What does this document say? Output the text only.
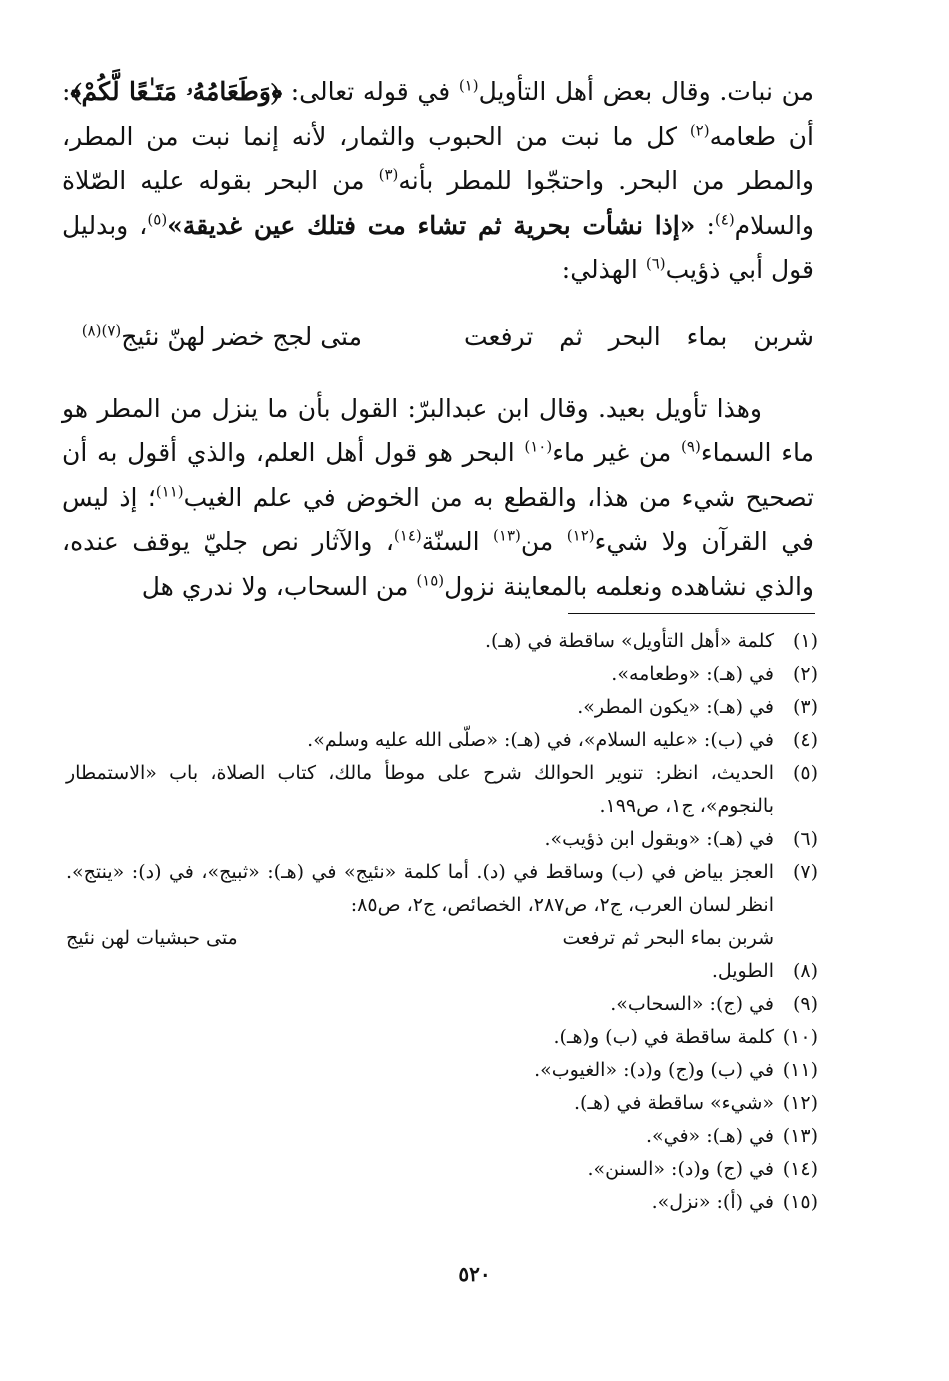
من نبات. وقال بعض أهل التأويل$^{(١)}$ في قوله تعالى: ﴿وَطَعَامُهُۥ مَتَـٰعًا لَّكُمْ﴾: أن طعامه$^{(٢)}$ كل ما نبت من الحبوب والثمار، لأنه إنما نبت من المطر، والمطر من البحر. واحتجّوا للمطر بأنه$^{(٣)}$ من البحر بقوله عليه الصّلاة والسلام$^{(٤)}$: «إذا نشأت بحرية ثم تشاء مت فتلك عين غديقة»$^{(٥)}$، وبدليل قول أبي ذؤيب$^{(٦)}$ الهذلي:

شربن بماء البحر ثم ترفعت
متى لجج خضر لهنّ نئيج$^{(٧)(٨)}$

وهذا تأويل بعيد. وقال ابن عبدالبرّ: القول بأن ما ينزل من المطر هو ماء السماء$^{(٩)}$ من غير ماء$^{(١٠)}$ البحر هو قول أهل العلم، والذي أقول به أن تصحيح شيء من هذا، والقطع به من الخوض في علم الغيب$^{(١١)}$؛ إذ ليس في القرآن ولا شيء$^{(١٢)}$ من$^{(١٣)}$ السنّة$^{(١٤)}$، والآثار نص جليّ يوقف عنده، والذي نشاهده ونعلمه بالمعاينة نزول$^{(١٥)}$ من السحاب، ولا ندري هل

(١)
كلمة «أهل التأويل» ساقطة في (هـ).
(٢)
في (هـ): «وطعامه».
(٣)
في (هـ): «يكون المطر».
(٤)
في (ب): «عليه السلام»، في (هـ): «صلّى الله عليه وسلم».
(٥)
الحديث، انظر: تنوير الحوالك شرح على موطأ مالك، كتاب الصلاة، باب «الاستمطار بالنجوم»، ج١، ص١٩٩.
(٦)
في (هـ): «وبقول ابن ذؤيب».
(٧)
العجز بياض في (ب) وساقط في (د). أما كلمة «نئيج» في (هـ): «ثبيج»، في (د): «ينتج». انظر لسان العرب، ج٢، ص٢٨٧، الخصائص، ج٢، ص٨٥:
شربن بماء البحر ثم ترفعت
متى حبشيات لهن نئيج
(٨)
الطويل.
(٩)
في (ج): «السحاب».
(١٠)
كلمة ساقطة في (ب) و(هـ).
(١١)
في (ب) و(ج) و(د): «الغيوب».
(١٢)
«شيء» ساقطة في (هـ).
(١٣)
في (هـ): «في».
(١٤)
في (ج) و(د): «السنن».
(١٥)
في (أ): «نزل».
٥٢٠
